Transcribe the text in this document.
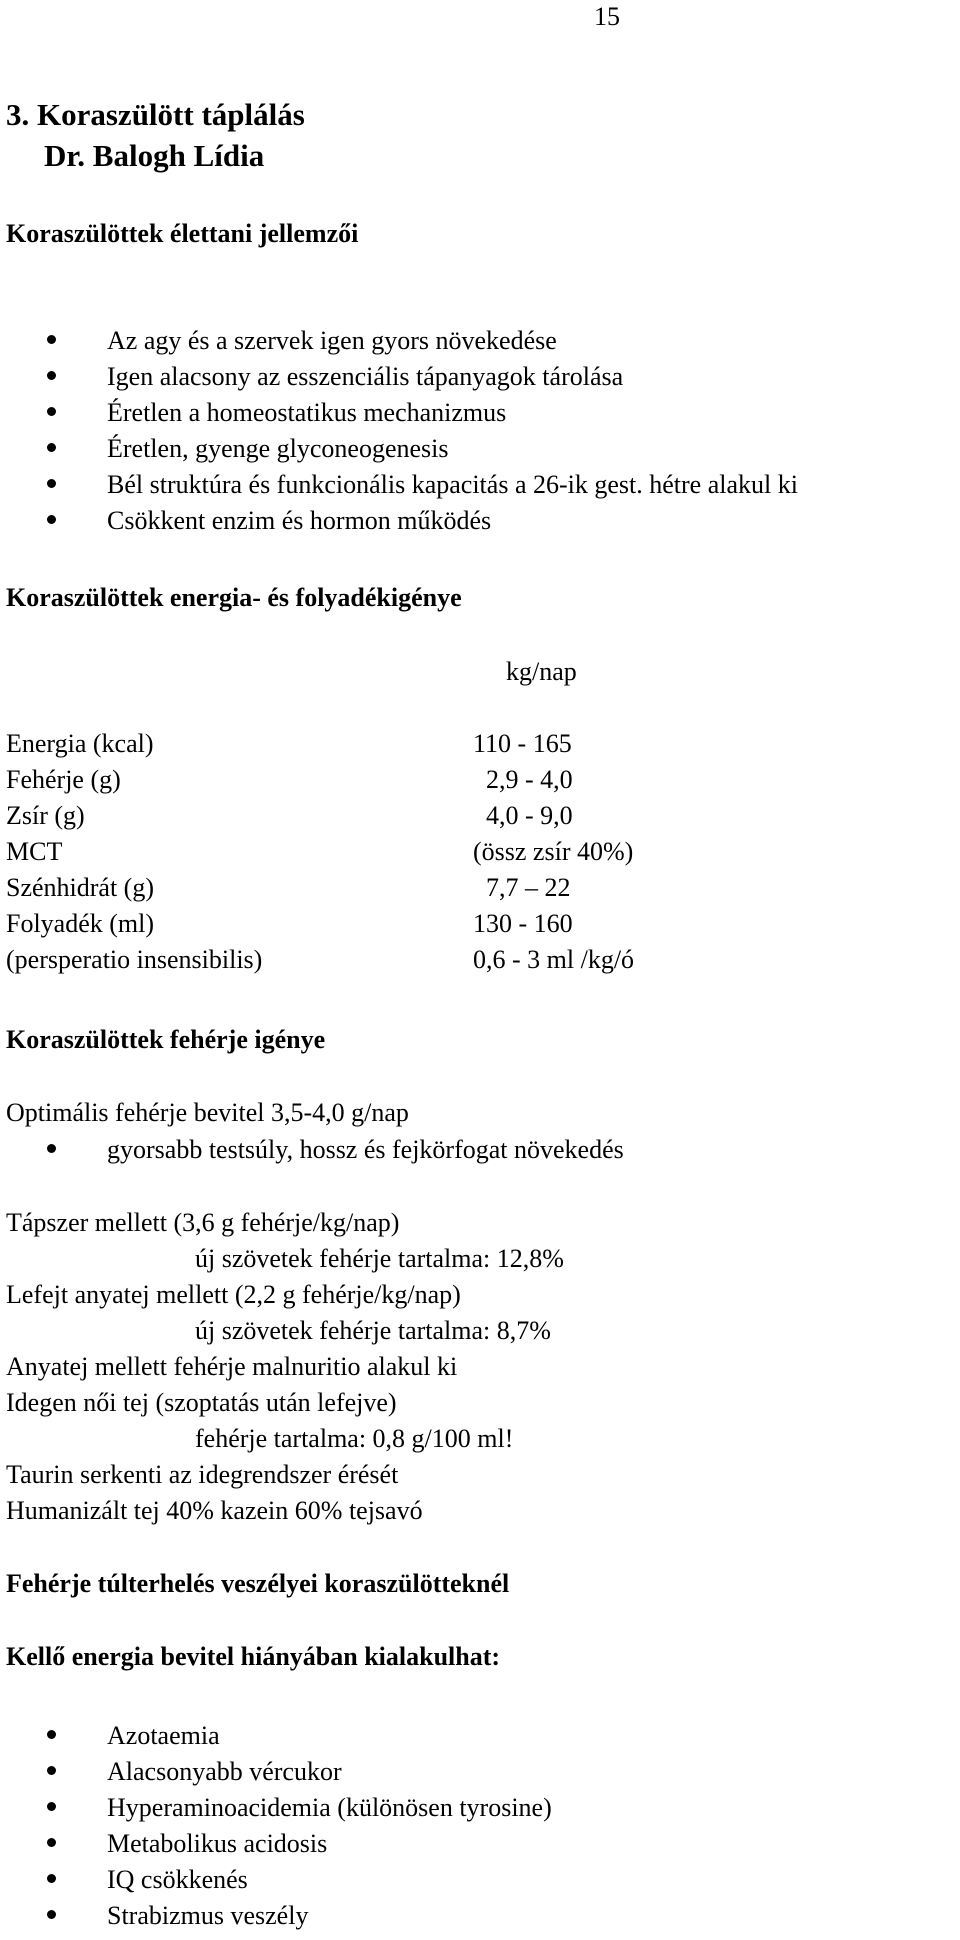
15
3. Koraszülött táplálás
Dr. Balogh Lídia
Koraszülöttek élettani jellemzői
Az agy és a szervek igen gyors növekedése
Igen alacsony az esszenciális tápanyagok tárolása
Éretlen a homeostatikus mechanizmus
Éretlen, gyenge glyconeogenesis
Bél struktúra és funkcionális kapacitás a 26-ik gest. hétre alakul ki
Csökkent enzim és hormon működés
Koraszülöttek energia- és folyadékigénye
kg/nap
Energia (kcal)	110 - 165
Fehérje (g)	2,9 - 4,0
Zsír (g)	4,0 - 9,0
MCT	(össz zsír 40%)
Szénhidrát (g)	7,7 – 22
Folyadék (ml)	130 - 160
(persperatio insensibilis)	0,6 - 3 ml /kg/ó
Koraszülöttek fehérje igénye
Optimális fehérje bevitel 3,5-4,0 g/nap
gyorsabb testsúly, hossz és fejkörfogat növekedés
Tápszer mellett (3,6 g fehérje/kg/nap)
új szövetek fehérje tartalma: 12,8%
Lefejt anyatej mellett (2,2 g fehérje/kg/nap)
új szövetek fehérje tartalma: 8,7%
Anyatej mellett fehérje malnuritio alakul ki
Idegen női tej (szoptatás után lefejve)
fehérje tartalma: 0,8 g/100 ml!
Taurin serkenti az idegrendszer érését
Humanizált tej 40% kazein 60% tejsavó
Fehérje túlterhelés veszélyei koraszülötteknél
Kellő energia bevitel hiányában kialakulhat:
Azotaemia
Alacsonyabb vércukor
Hyperaminoacidemia (különösen tyrosine)
Metabolikus acidosis
IQ csökkenés
Strabizmus veszély
